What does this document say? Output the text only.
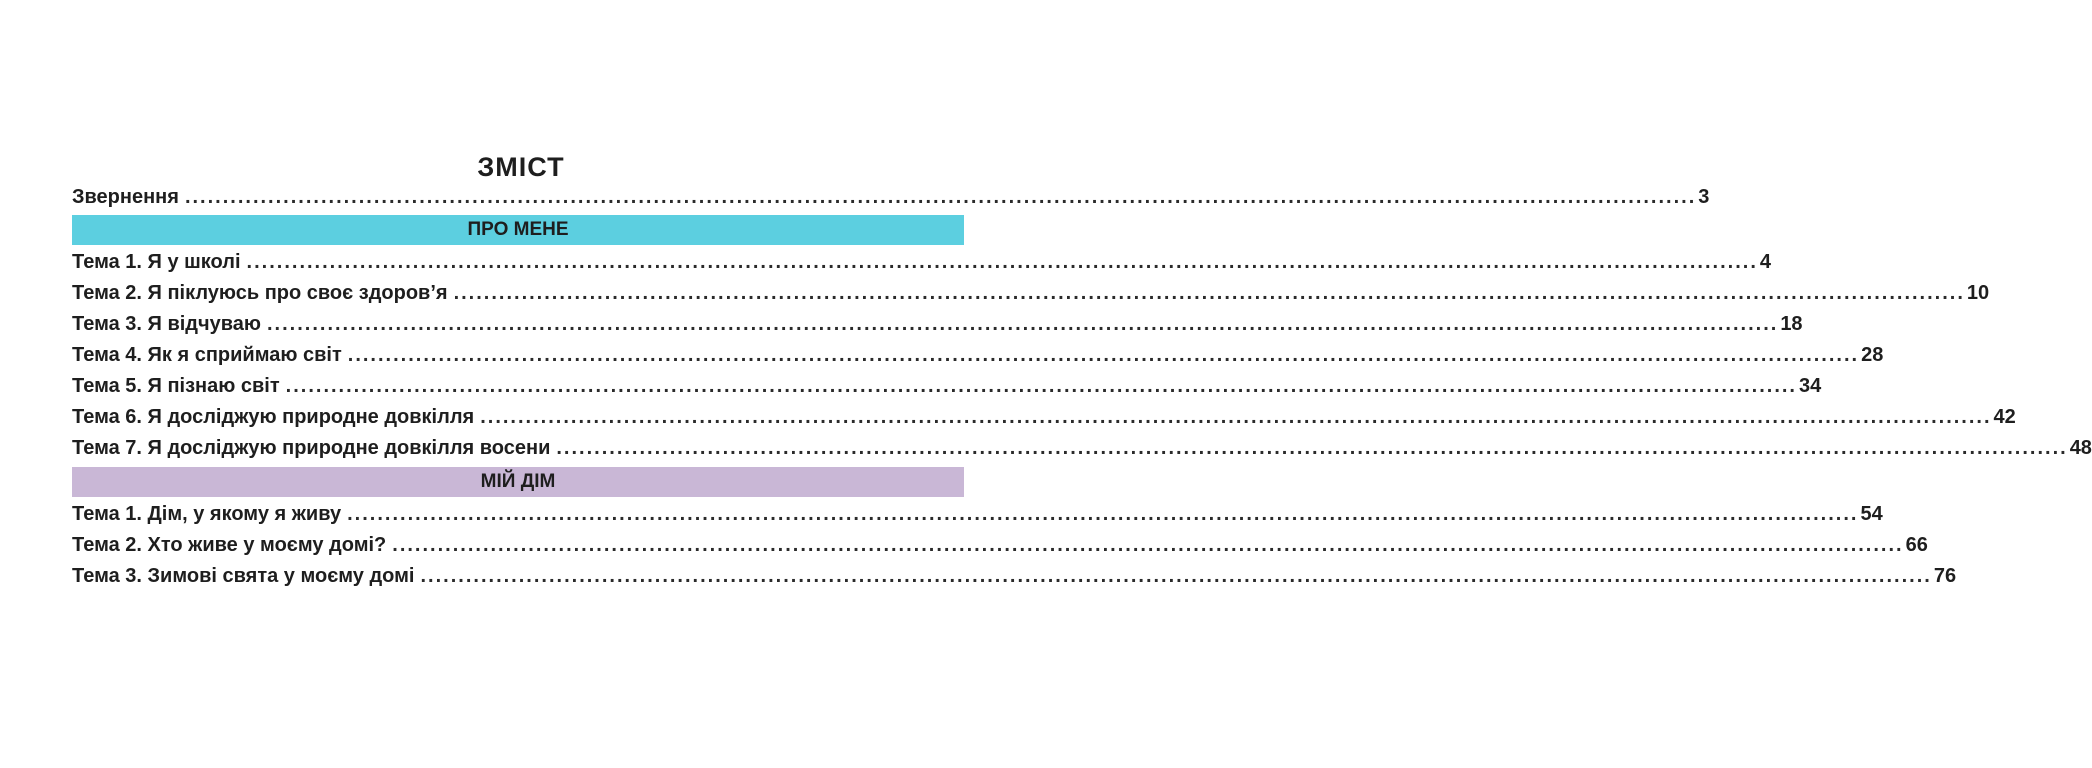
ЗМІСТ
Звернення ........................................................................................................................................................................................................ 3
ПРО МЕНЕ
Тема 1. Я у школі ........................................................................................................................................................................................................ 4
Тема 2. Я піклуюсь про своє здоров’я ........................................................................................................................................................................................................ 10
Тема 3. Я відчуваю ........................................................................................................................................................................................................ 18
Тема 4. Як я сприймаю світ ........................................................................................................................................................................................................ 28
Тема 5. Я пізнаю світ ........................................................................................................................................................................................................ 34
Тема 6. Я досліджую природне довкілля ........................................................................................................................................................................................................ 42
Тема 7. Я досліджую природне довкілля восени ........................................................................................................................................................................................................ 48
МІЙ ДІМ
Тема 1. Дім, у якому я живу ........................................................................................................................................................................................................ 54
Тема 2. Хто живе у моєму домі? ........................................................................................................................................................................................................ 66
Тема 3. Зимові свята у моєму домі ........................................................................................................................................................................................................ 76
